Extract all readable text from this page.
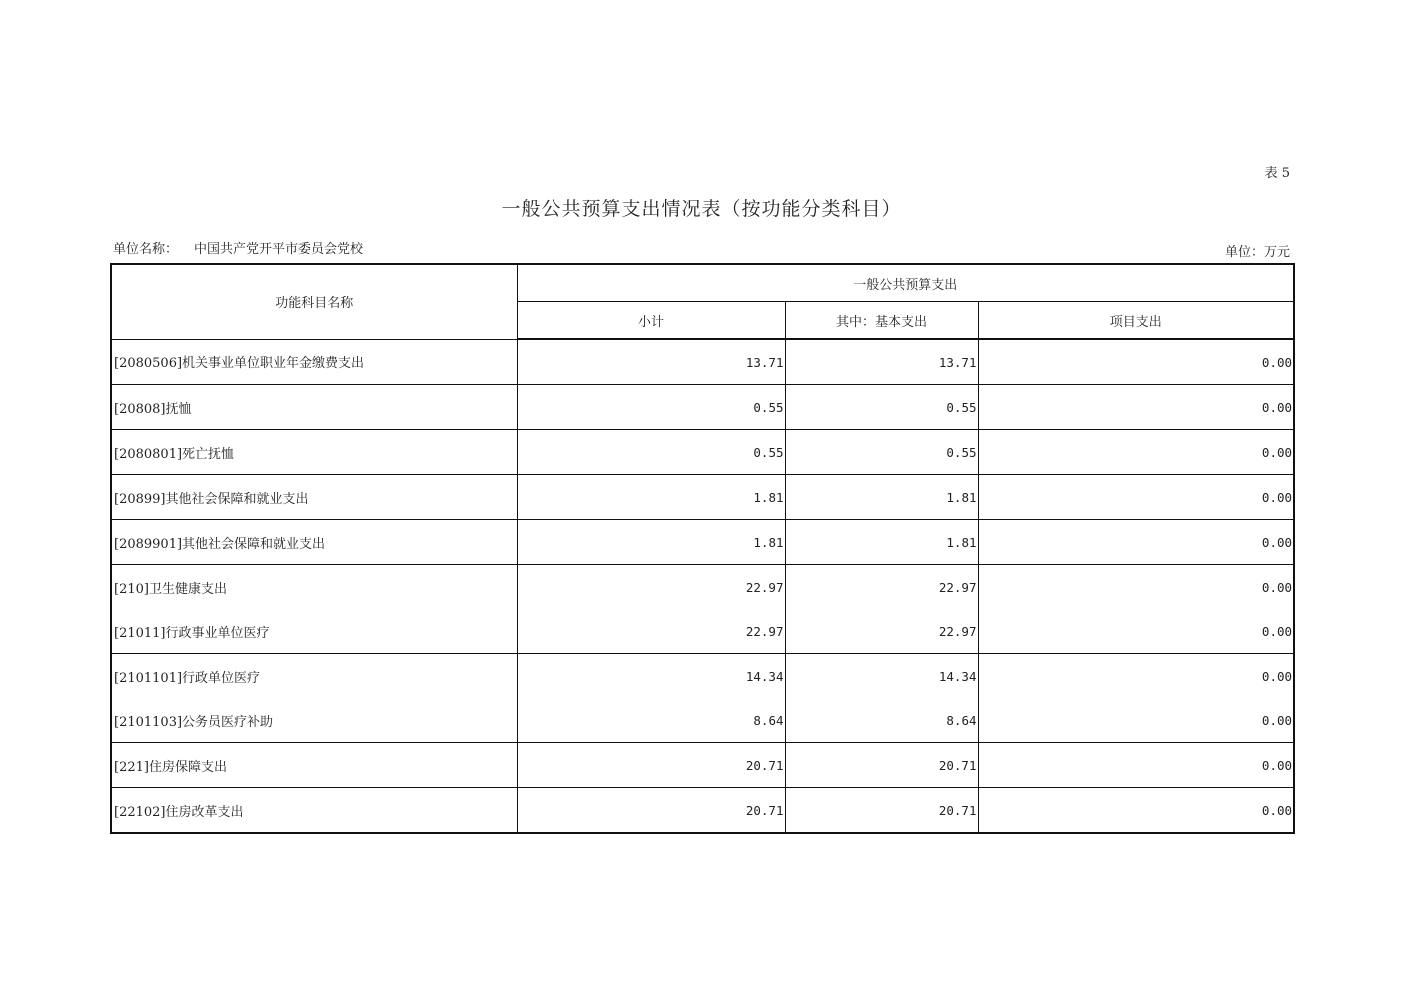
表 5
一般公共预算支出情况表（按功能分类科目）
单位名称： 中国共产党开平市委员会党校	单位：万元
功能科目名称	一般公共预算支出		
	小计	其中：基本支出	项目支出
[2080506]机关事业单位职业年金缴费支出	13.71	13.71	0.00
[20808]抚恤	0.55	0.55	0.00
[2080801]死亡抚恤	0.55	0.55	0.00
[20899]其他社会保障和就业支出	1.81	1.81	0.00
[2089901]其他社会保障和就业支出	1.81	1.81	0.00
[210]卫生健康支出	22.97	22.97	0.00
[21011]行政事业单位医疗	22.97	22.97	0.00
[2101101]行政单位医疗	14.34	14.34	0.00
[2101103]公务员医疗补助	8.64	8.64	0.00
[221]住房保障支出	20.71	20.71	0.00
[22102]住房改革支出	20.71	20.71	0.00
